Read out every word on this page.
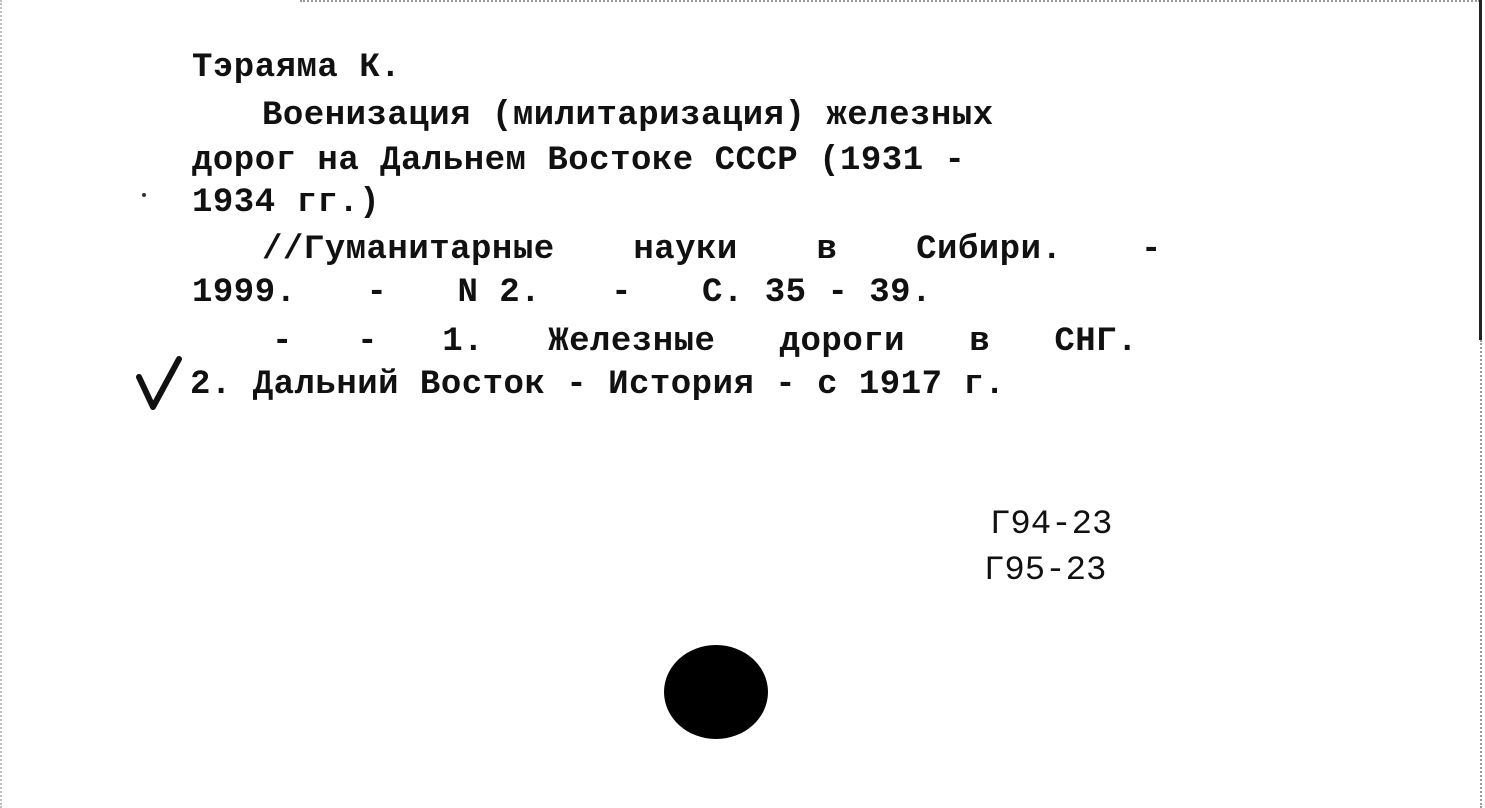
Тэраяма К.
Военизация (милитаризация) железных
дорог на Дальнем Востоке СССР (1931 -
1934 гг.)
//Гуманитарные науки в Сибири. -
1999. - N 2. - С. 35 - 39.
- - 1. Железные дороги в СНГ.
2. Дальний Восток - История - с 1917 г.
Г94-23
Г95-23
